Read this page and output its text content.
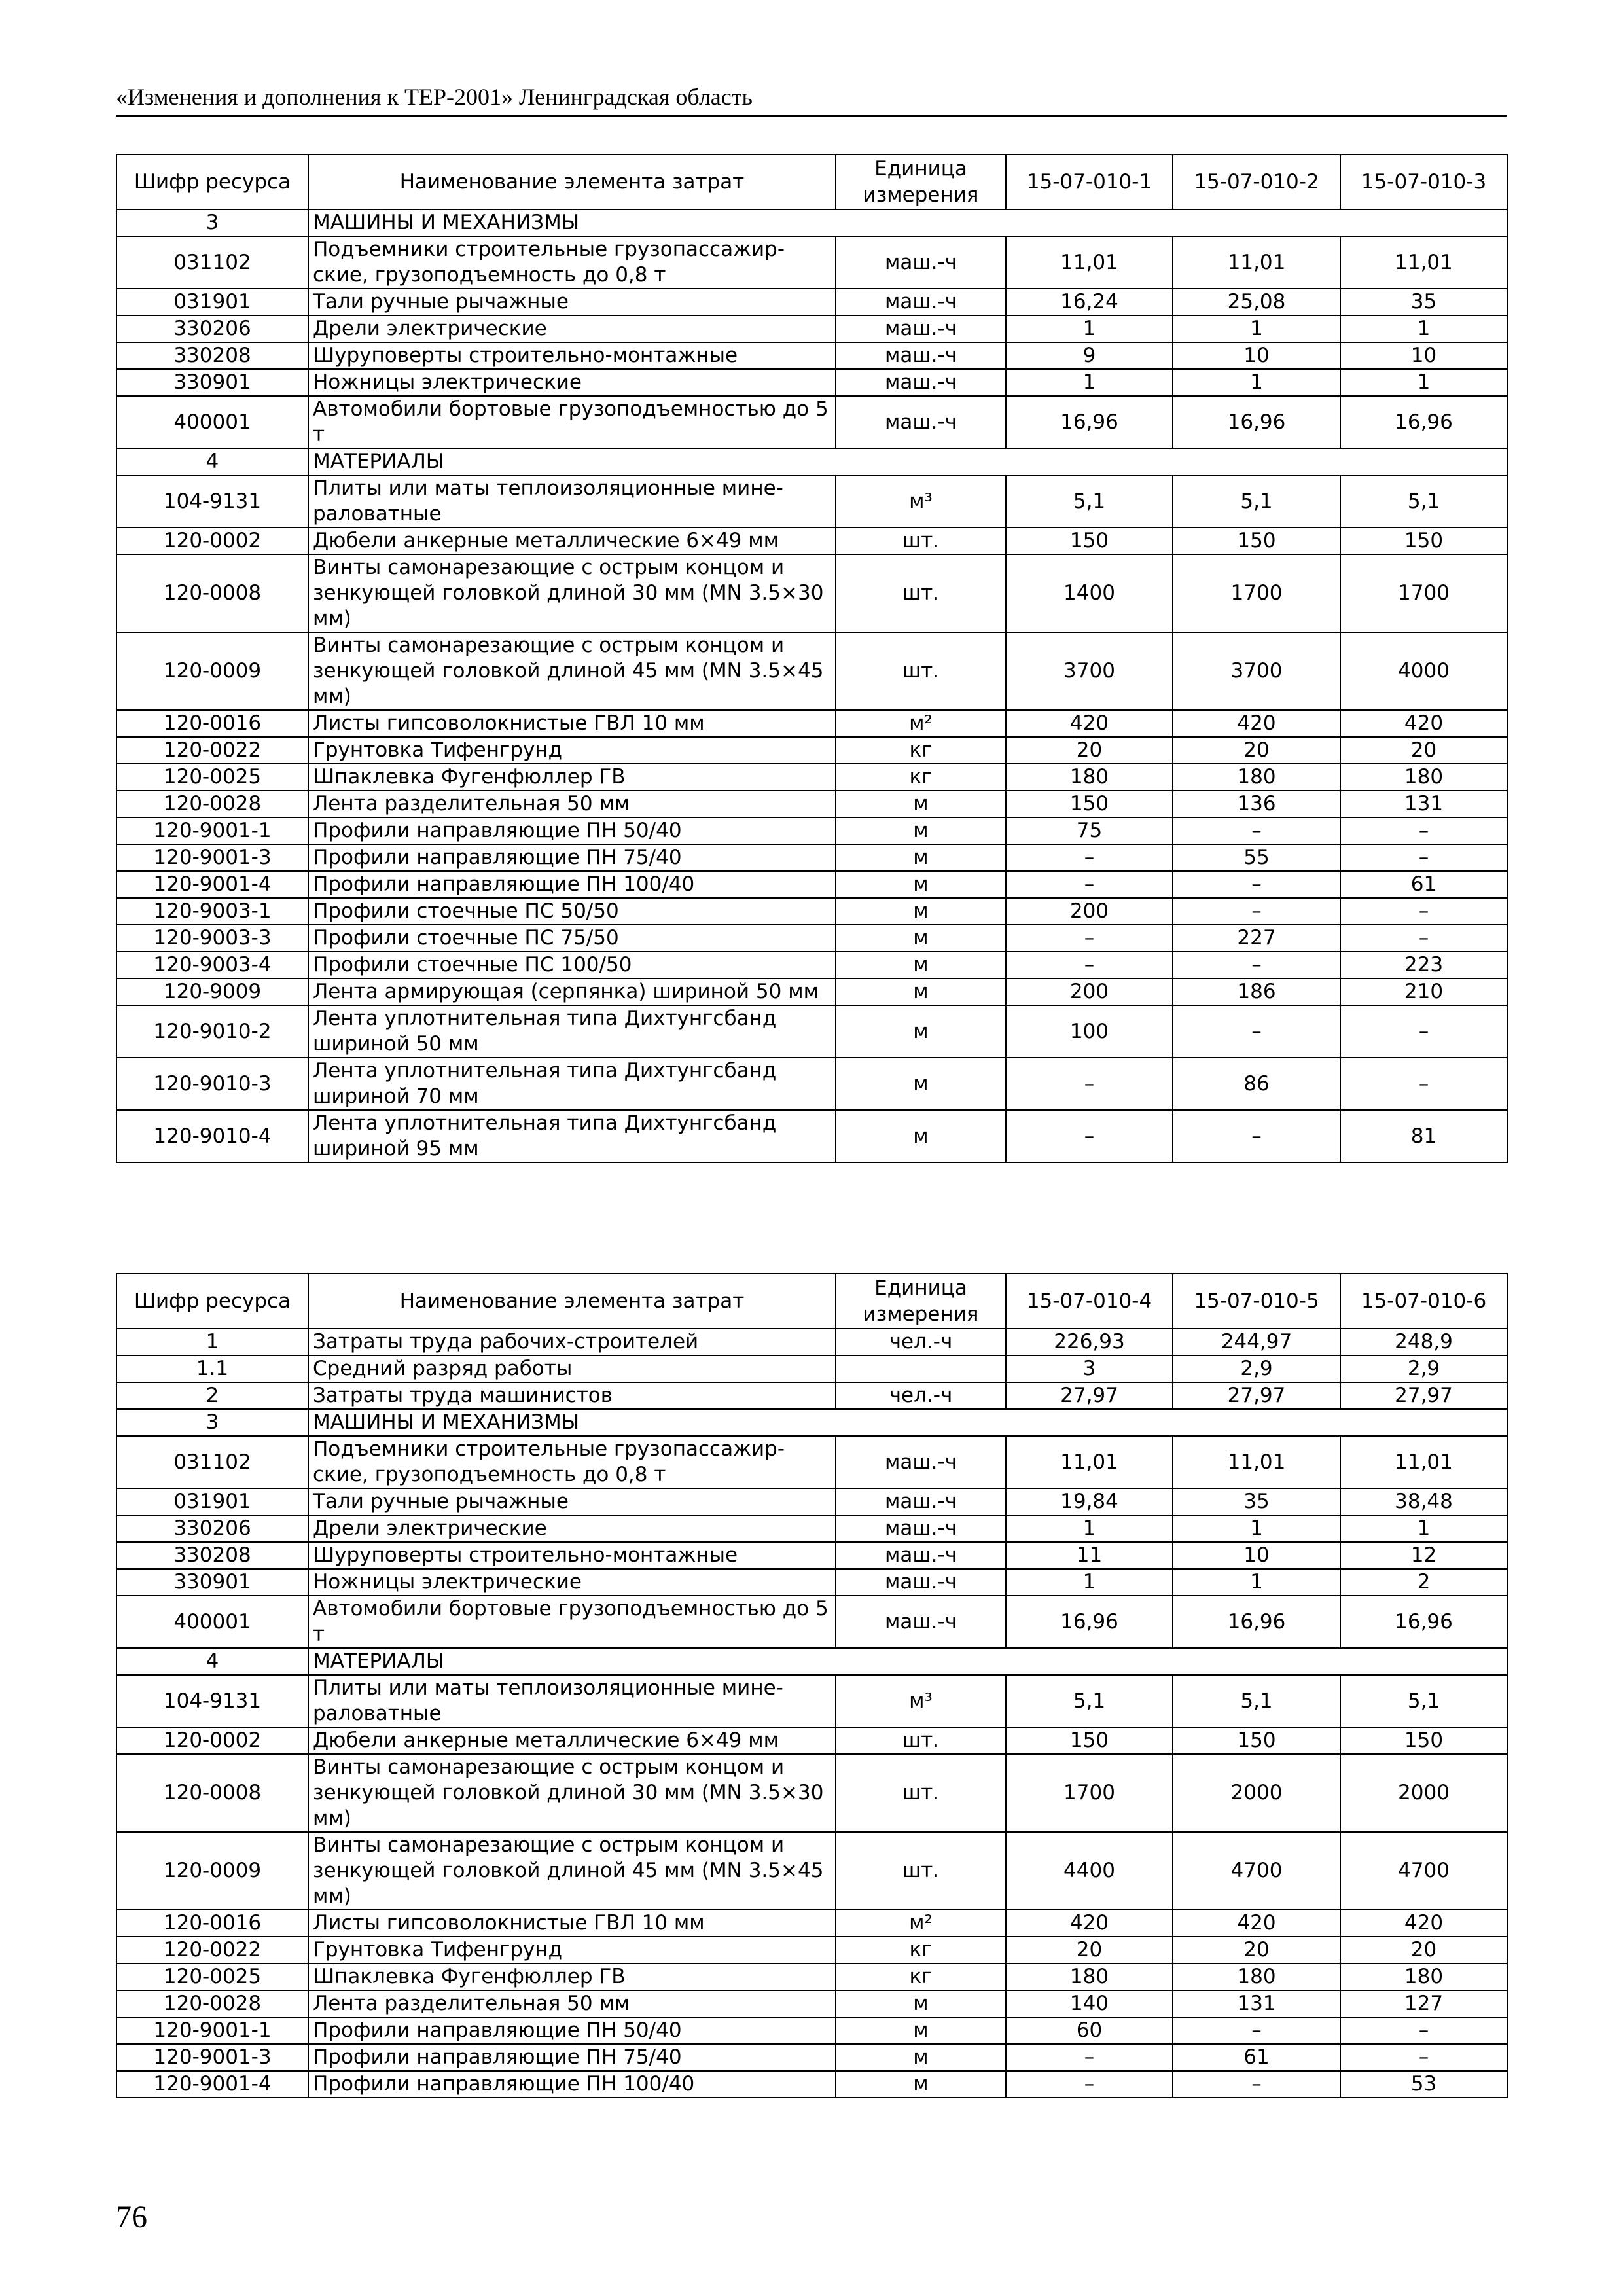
«Изменения и дополнения к ТЕР-2001» Ленинградская область
Шифр ресурса	Наименование элемента затрат	Единица измерения	15-07-010-1	15-07-010-2	15-07-010-3
3	МАШИНЫ И МЕХАНИЗМЫ				
031102	Подъемники строительные грузопассажир-ские, грузоподъемность до 0,8 т	маш.-ч	11,01	11,01	11,01
031901	Тали ручные рычажные	маш.-ч	16,24	25,08	35
330206	Дрели электрические	маш.-ч	1	1	1
330208	Шуруповерты строительно-монтажные	маш.-ч	9	10	10
330901	Ножницы электрические	маш.-ч	1	1	1
400001	Автомобили бортовые грузоподъемностью до 5 т	маш.-ч	16,96	16,96	16,96
4	МАТЕРИАЛЫ				
104-9131	Плиты или маты теплоизоляционные мине-раловатные	м³	5,1	5,1	5,1
120-0002	Дюбели анкерные металлические 6×49 мм	шт.	150	150	150
120-0008	Винты самонарезающие с острым концом и зенкующей головкой длиной 30 мм (MN 3.5×30 мм)	шт.	1400	1700	1700
120-0009	Винты самонарезающие с острым концом и зенкующей головкой длиной 45 мм (MN 3.5×45 мм)	шт.	3700	3700	4000
120-0016	Листы гипсоволокнистые ГВЛ 10 мм	м²	420	420	420
120-0022	Грунтовка Тифенгрунд	кг	20	20	20
120-0025	Шпаклевка Фугенфюллер ГВ	кг	180	180	180
120-0028	Лента разделительная 50 мм	м	150	136	131
120-9001-1	Профили направляющие ПН 50/40	м	75	–	–
120-9001-3	Профили направляющие ПН 75/40	м	–	55	–
120-9001-4	Профили направляющие ПН 100/40	м	–	–	61
120-9003-1	Профили стоечные ПС 50/50	м	200	–	–
120-9003-3	Профили стоечные ПС 75/50	м	–	227	–
120-9003-4	Профили стоечные ПС 100/50	м	–	–	223
120-9009	Лента армирующая (серпянка) шириной 50 мм	м	200	186	210
120-9010-2	Лента уплотнительная типа Дихтунгсбанд шириной 50 мм	м	100	–	–
120-9010-3	Лента уплотнительная типа Дихтунгсбанд шириной 70 мм	м	–	86	–
120-9010-4	Лента уплотнительная типа Дихтунгсбанд шириной 95 мм	м	–	–	81
Шифр ресурса	Наименование элемента затрат	Единица измерения	15-07-010-4	15-07-010-5	15-07-010-6
1	Затраты труда рабочих-строителей	чел.-ч	226,93	244,97	248,9
1.1	Средний разряд работы		3	2,9	2,9
2	Затраты труда машинистов	чел.-ч	27,97	27,97	27,97
3	МАШИНЫ И МЕХАНИЗМЫ				
031102	Подъемники строительные грузопассажир-ские, грузоподъемность до 0,8 т	маш.-ч	11,01	11,01	11,01
031901	Тали ручные рычажные	маш.-ч	19,84	35	38,48
330206	Дрели электрические	маш.-ч	1	1	1
330208	Шуруповерты строительно-монтажные	маш.-ч	11	10	12
330901	Ножницы электрические	маш.-ч	1	1	2
400001	Автомобили бортовые грузоподъемностью до 5 т	маш.-ч	16,96	16,96	16,96
4	МАТЕРИАЛЫ				
104-9131	Плиты или маты теплоизоляционные мине-раловатные	м³	5,1	5,1	5,1
120-0002	Дюбели анкерные металлические 6×49 мм	шт.	150	150	150
120-0008	Винты самонарезающие с острым концом и зенкующей головкой длиной 30 мм (MN 3.5×30 мм)	шт.	1700	2000	2000
120-0009	Винты самонарезающие с острым концом и зенкующей головкой длиной 45 мм (MN 3.5×45 мм)	шт.	4400	4700	4700
120-0016	Листы гипсоволокнистые ГВЛ 10 мм	м²	420	420	420
120-0022	Грунтовка Тифенгрунд	кг	20	20	20
120-0025	Шпаклевка Фугенфюллер ГВ	кг	180	180	180
120-0028	Лента разделительная 50 мм	м	140	131	127
120-9001-1	Профили направляющие ПН 50/40	м	60	–	–
120-9001-3	Профили направляющие ПН 75/40	м	–	61	–
120-9001-4	Профили направляющие ПН 100/40	м	–	–	53
76
